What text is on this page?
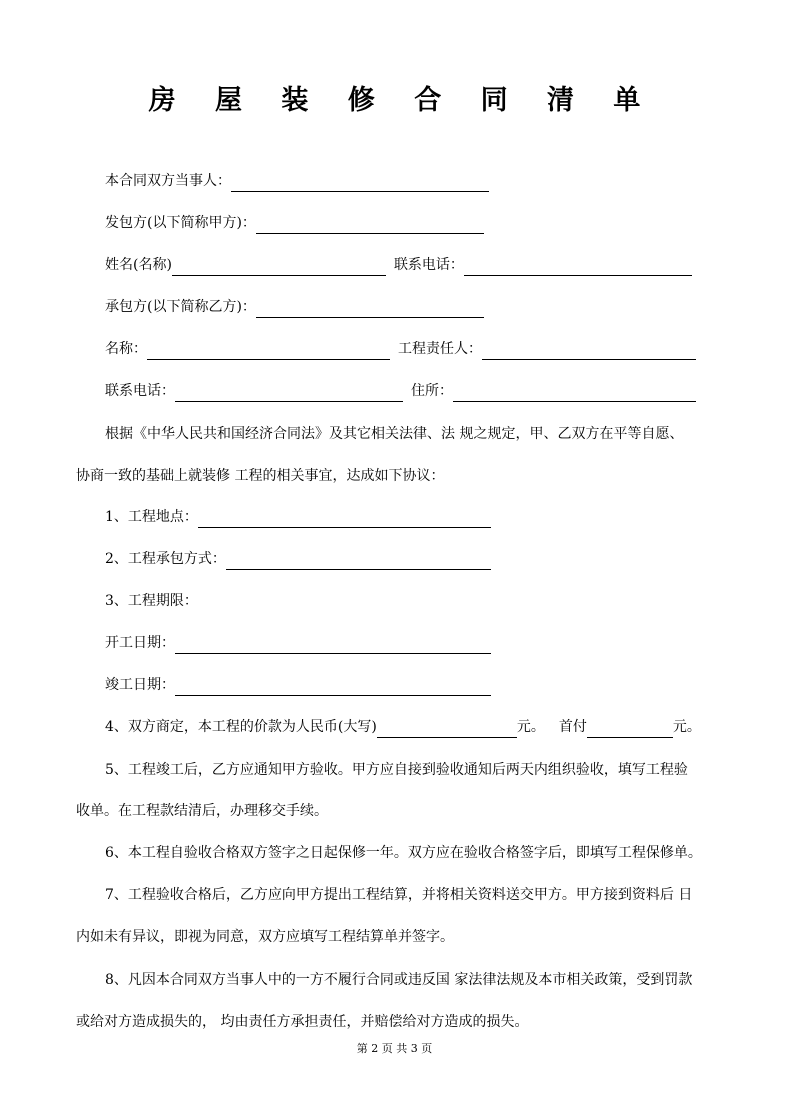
房 屋 装 修 合 同 清 单
本合同双方当事人：
发包方(以下简称甲方)：
姓名(名称)	联系电话：
承包方(以下简称乙方)：
名称：	工程责任人：
联系电话：	住所：
根据《中华人民共和国经济合同法》及其它相关法律、法 规之规定，甲、乙双方在平等自愿、
协商一致的基础上就装修 工程的相关事宜，达成如下协议：
1、工程地点：
2、工程承包方式：
3、工程期限：
开工日期：
竣工日期：
4、双方商定，本工程的价款为人民币(大写)	元。 首付	元。
5、工程竣工后，乙方应通知甲方验收。甲方应自接到验收通知后两天内组织验收，填写工程验
收单。在工程款结清后，办理移交手续。
6、本工程自验收合格双方签字之日起保修一年。双方应在验收合格签字后，即填写工程保修单。
7、工程验收合格后，乙方应向甲方提出工程结算，并将相关资料送交甲方。甲方接到资料后 日
内如未有异议，即视为同意，双方应填写工程结算单并签字。
8、凡因本合同双方当事人中的一方不履行合同或违反国 家法律法规及本市相关政策，受到罚款
或给对方造成损失的， 均由责任方承担责任，并赔偿给对方造成的损失。
第 2 页 共 3 页
